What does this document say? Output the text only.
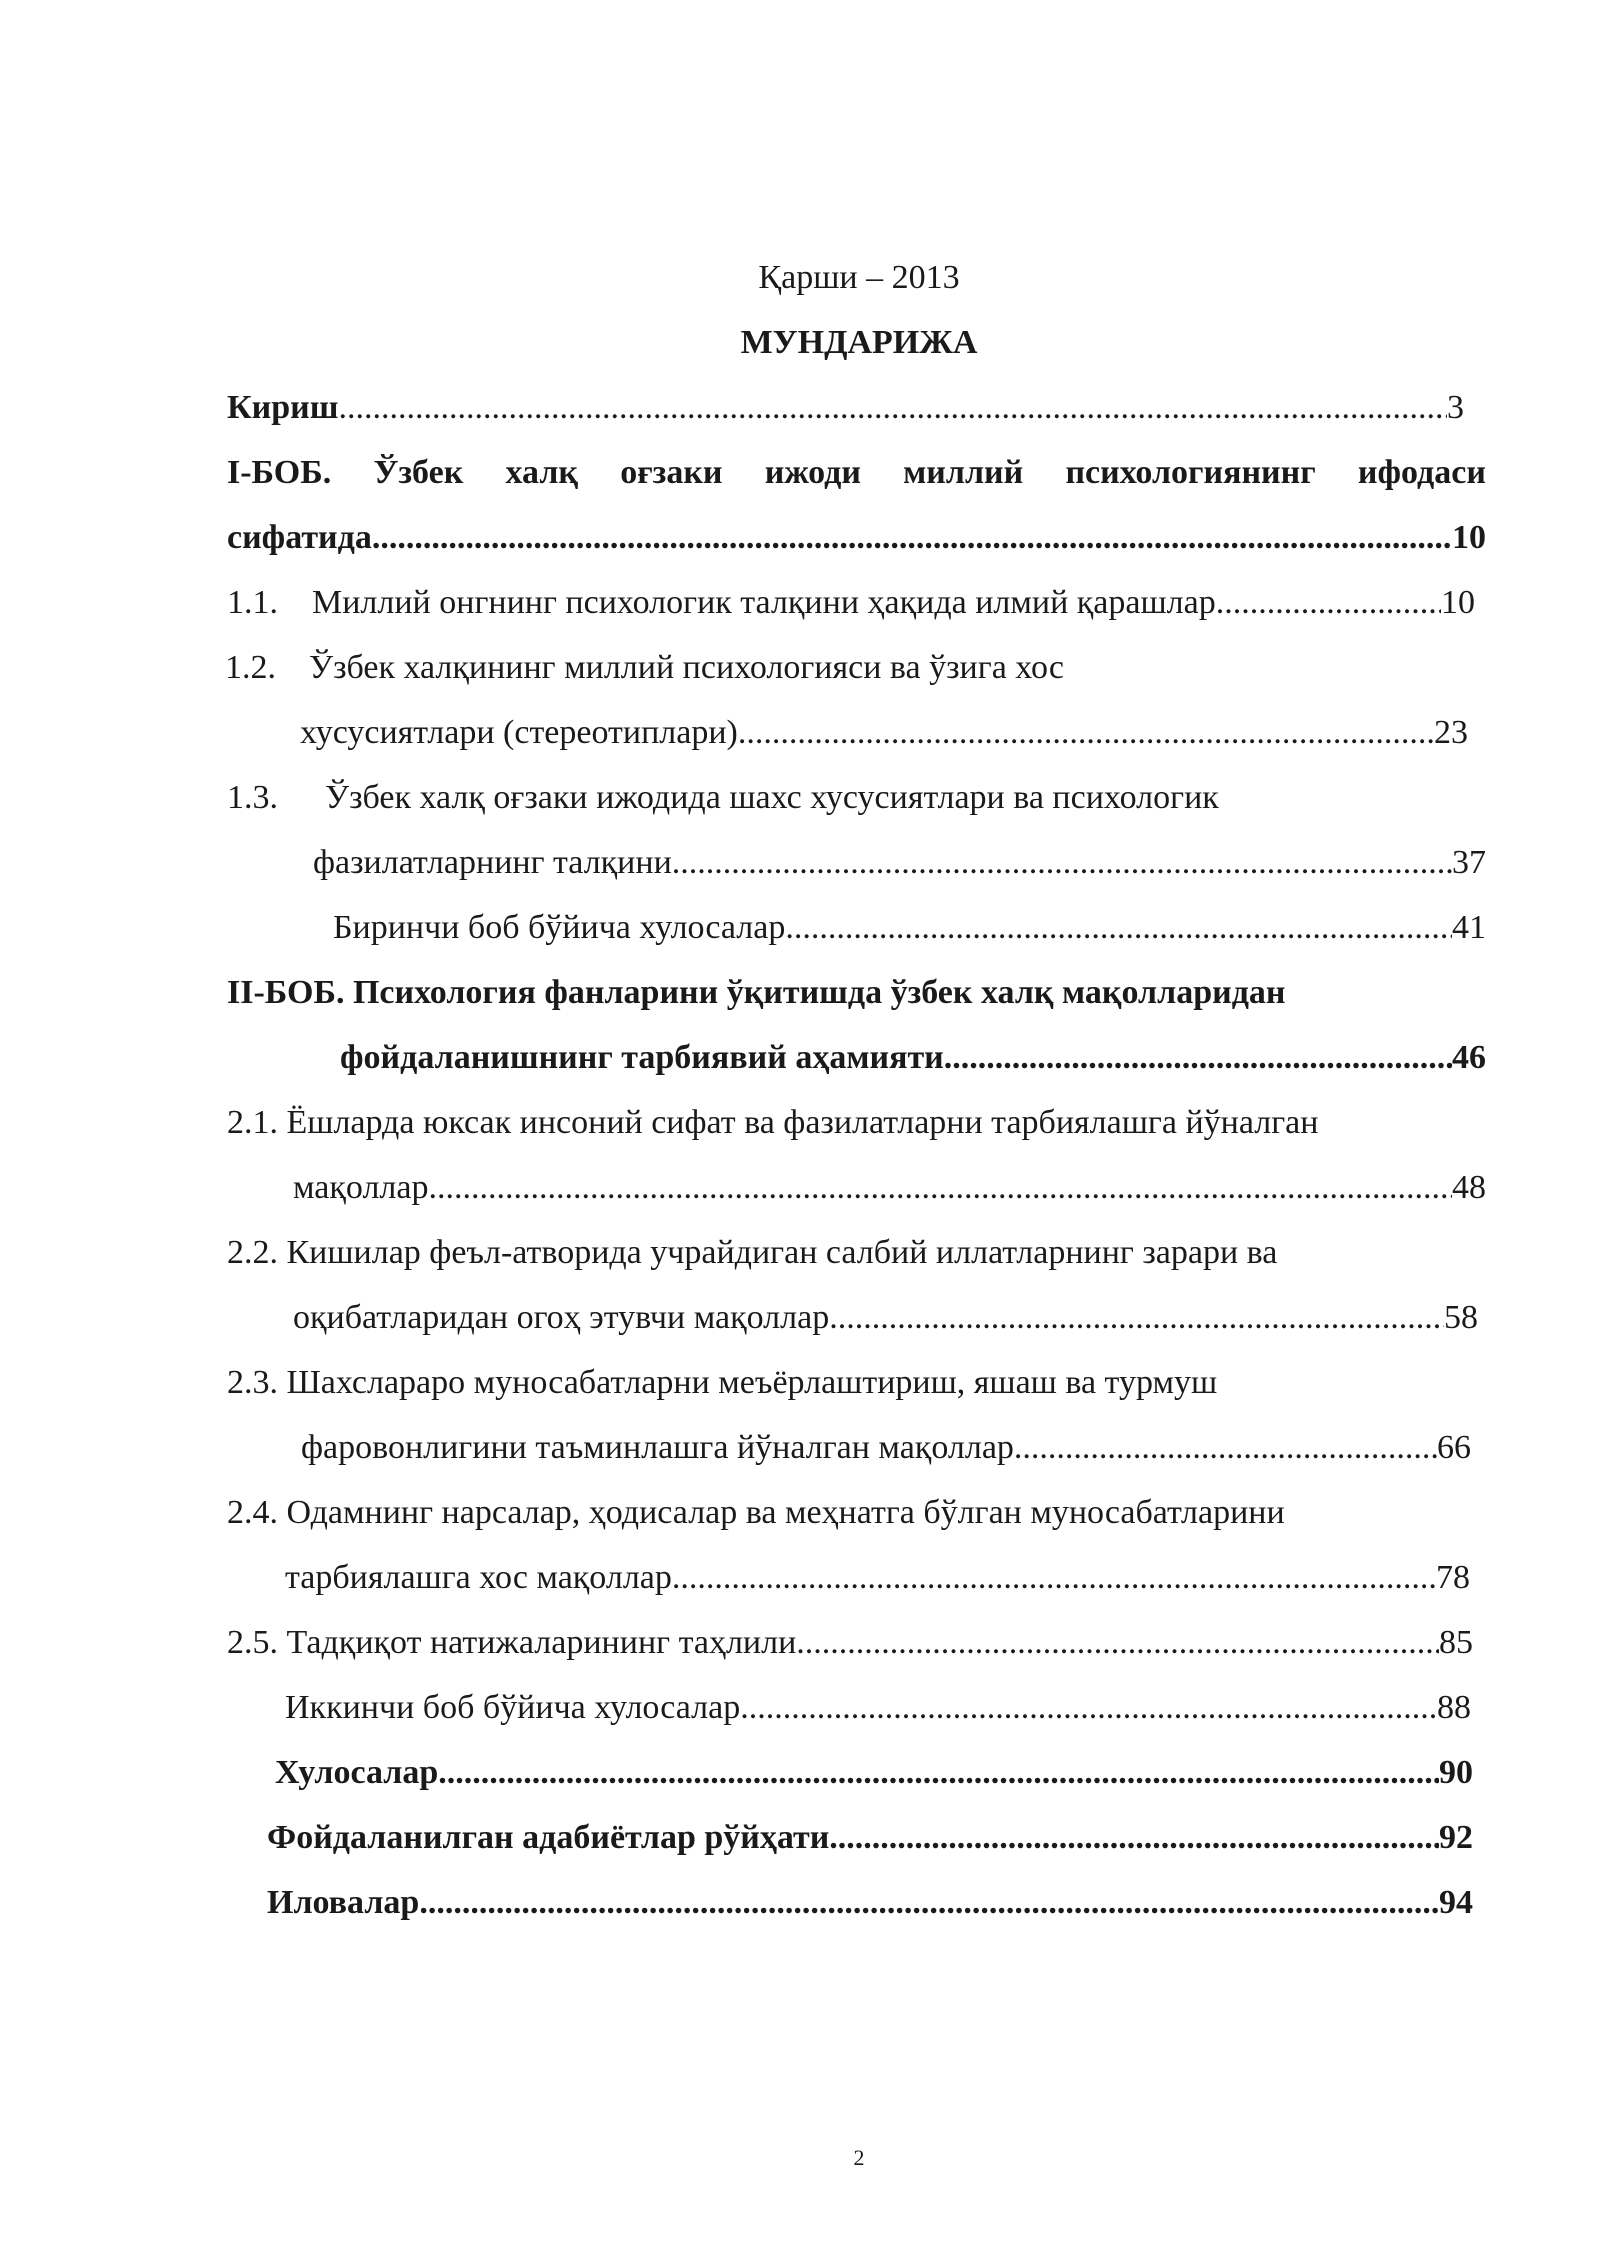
Қарши – 2013
МУНДАРИЖА
Кириш .....	3
I-БОБ. Ўзбек халқ оғзаки ижоди миллий психологиянинг ифодаси
сифатида .....	10
1.1. Миллий онгнинг психологик талқини ҳақида илмий қарашлар .....	10
1.2. Ўзбек халқининг миллий психологияси ва ўзига хос
хусусиятлари (стереотиплари) .....	23
1.3. Ўзбек халқ оғзаки ижодида шахс хусусиятлари ва психологик
фазилатларнинг талқини .....	37
Биринчи боб бўйича хулосалар .....	41
II-БОБ. Психология фанларини ўқитишда ўзбек халқ мақолларидан
фойдаланишнинг тарбиявий аҳамияти .....	46
2.1. Ёшларда юксак инсоний сифат ва фазилатларни тарбиялашга йўналган
мақоллар .....	48
2.2. Кишилар феъл-атворида учрайдиган салбий иллатларнинг зарари ва
оқибатларидан огоҳ этувчи мақоллар .....	58
2.3. Шахслараро муносабатларни меъёрлаштириш, яшаш ва турмуш
фаровонлигини таъминлашга йўналган мақоллар .....	66
2.4. Одамнинг нарсалар, ҳодисалар ва меҳнатга бўлган муносабатларини
тарбиялашга хос мақоллар .....	78
2.5. Тадқиқот натижаларининг таҳлили .....	85
Иккинчи боб бўйича хулосалар .....	88
Хулосалар .....	90
Фойдаланилган адабиётлар рўйҳати .....	92
Иловалар .....	94
2
